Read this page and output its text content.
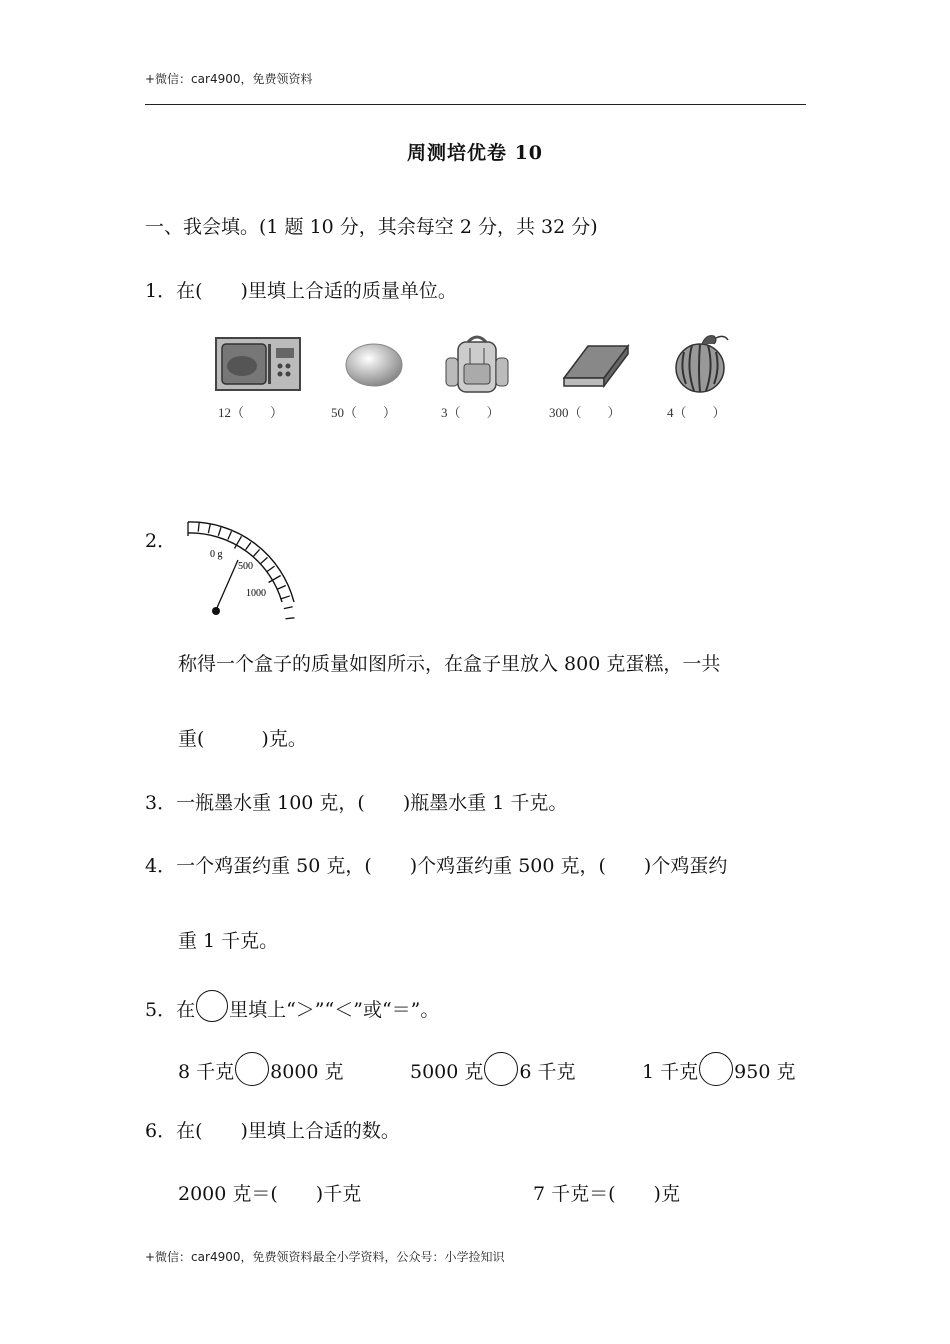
+微信：car4900，免费领资料
周测培优卷 10
一、我会填。(1 题 10 分，其余每空 2 分，共 32 分)
1．在(　　)里填上合适的质量单位。
12（　　）	50（　　）	3（　　）	300（　　）	4（　　）
2．
0 g
500
1000
称得一个盒子的质量如图所示，在盒子里放入 800 克蛋糕，一共
重(　　　)克。
3．一瓶墨水重 100 克，(　　)瓶墨水重 1 千克。
4．一个鸡蛋约重 50 克，(　　)个鸡蛋约重 500 克，(　　)个鸡蛋约
重 1 千克。
5．在 里填上“＞”“＜”或“＝”。
8 千克 8000 克	5000 克 6 千克	1 千克 950 克
6．在(　　)里填上合适的数。
2000 克＝(　　)千克	7 千克＝(　　)克
+微信：car4900，免费领资料最全小学资料，公众号：小学捡知识
